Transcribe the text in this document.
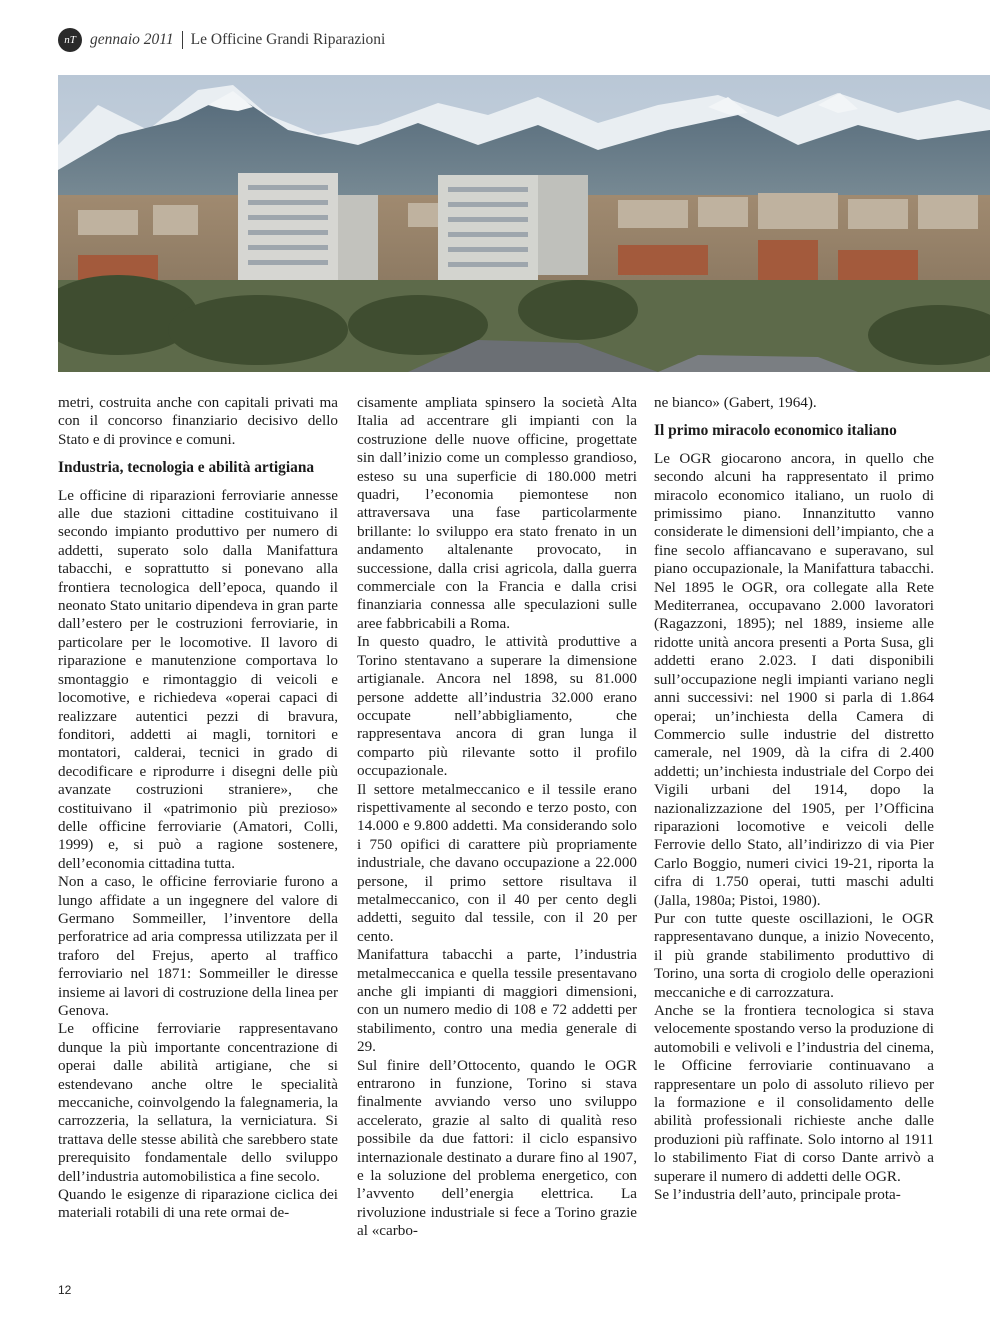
nT gennaio 2011 Le Officine Grandi Riparazioni

metri, costruita anche con capitali privati ma con il concorso finanziario decisivo dello Stato e di province e comuni.

Industria, tecnologia e abilità artigiana

Le officine di riparazioni ferroviarie annesse alle due stazioni cittadine costituivano il secondo impianto produttivo per numero di addetti, superato solo dalla Manifattura tabacchi, e soprattutto si ponevano alla frontiera tecnologica dell’epoca, quando il neonato Stato unitario dipendeva in gran parte dall’estero per le costruzioni ferroviarie, in particolare per le locomotive. Il lavoro di riparazione e manutenzione comportava lo smontaggio e rimontaggio di veicoli e locomotive, e richiedeva «operai capaci di realizzare autentici pezzi di bravura, fonditori, addetti ai magli, tornitori e montatori, calderai, tecnici in grado di decodificare e riprodurre i disegni delle più avanzate costruzioni straniere», che costituivano il «patrimonio più prezioso» delle officine ferroviarie (Amatori, Colli, 1999) e, si può a ragione sostenere, dell’economia cittadina tutta.

Non a caso, le officine ferroviarie furono a lungo affidate a un ingegnere del valore di Germano Sommeiller, l’inventore della perforatrice ad aria compressa utilizzata per il traforo del Frejus, aperto al traffico ferroviario nel 1871: Sommeiller le diresse insieme ai lavori di costruzione della linea per Genova.

Le officine ferroviarie rappresentavano dunque la più importante concentrazione di operai dalle abilità artigiane, che si estendevano anche oltre le specialità meccaniche, coinvolgendo la falegnameria, la carrozzeria, la sellatura, la verniciatura. Si trattava delle stesse abilità che sarebbero state prerequisito fondamentale dello sviluppo dell’industria automobilistica a fine secolo.

Quando le esigenze di riparazione ciclica dei materiali rotabili di una rete ormai de-

cisamente ampliata spinsero la società Alta Italia ad accentrare gli impianti con la costruzione delle nuove officine, progettate sin dall’inizio come un complesso grandioso, esteso su una superficie di 180.000 metri quadri, l’economia piemontese non attraversava una fase particolarmente brillante: lo sviluppo era stato frenato in un andamento altalenante provocato, in successione, dalla crisi agricola, dalla guerra commerciale con la Francia e dalla crisi finanziaria connessa alle speculazioni sulle aree fabbricabili a Roma.

In questo quadro, le attività produttive a Torino stentavano a superare la dimensione artigianale. Ancora nel 1898, su 81.000 persone addette all’industria 32.000 erano occupate nell’abbigliamento, che rappresentava ancora di gran lunga il comparto più rilevante sotto il profilo occupazionale.

Il settore metalmeccanico e il tessile erano rispettivamente al secondo e terzo posto, con 14.000 e 9.800 addetti. Ma considerando solo i 750 opifici di carattere più propriamente industriale, che davano occupazione a 22.000 persone, il primo settore risultava il metalmeccanico, con il 40 per cento degli addetti, seguito dal tessile, con il 20 per cento.

Manifattura tabacchi a parte, l’industria metalmeccanica e quella tessile presentavano anche gli impianti di maggiori dimensioni, con un numero medio di 108 e 72 addetti per stabilimento, contro una media generale di 29.

Sul finire dell’Ottocento, quando le OGR entrarono in funzione, Torino si stava finalmente avviando verso uno sviluppo accelerato, grazie al salto di qualità reso possibile da due fattori: il ciclo espansivo internazionale destinato a durare fino al 1907, e la soluzione del problema energetico, con l’avvento dell’energia elettrica. La rivoluzione industriale si fece a Torino grazie al «carbo-

ne bianco» (Gabert, 1964).

Il primo miracolo economico italiano

Le OGR giocarono ancora, in quello che secondo alcuni ha rappresentato il primo miracolo economico italiano, un ruolo di primissimo piano. Innanzitutto vanno considerate le dimensioni dell’impianto, che a fine secolo affiancavano e superavano, sul piano occupazionale, la Manifattura tabacchi. Nel 1895 le OGR, ora collegate alla Rete Mediterranea, occupavano 2.000 lavoratori (Ragazzoni, 1895); nel 1889, insieme alle ridotte unità ancora presenti a Porta Susa, gli addetti erano 2.023. I dati disponibili sull’occupazione negli impianti variano negli anni successivi: nel 1900 si parla di 1.864 operai; un’inchiesta della Camera di Commercio sulle industrie del distretto camerale, nel 1909, dà la cifra di 2.400 addetti; un’inchiesta industriale del Corpo dei Vigili urbani del 1914, dopo la nazionalizzazione del 1905, per l’Officina riparazioni locomotive e veicoli delle Ferrovie dello Stato, all’indirizzo di via Pier Carlo Boggio, numeri civici 19-21, riporta la cifra di 1.750 operai, tutti maschi adulti (Jalla, 1980a; Pistoi, 1980).

Pur con tutte queste oscillazioni, le OGR rappresentavano dunque, a inizio Novecento, il più grande stabilimento produttivo di Torino, una sorta di crogiolo delle operazioni meccaniche e di carrozzatura.

Anche se la frontiera tecnologica si stava velocemente spostando verso la produzione di automobili e velivoli e l’industria del cinema, le Officine ferroviarie continuavano a rappresentare un polo di assoluto rilievo per la formazione e il consolidamento delle abilità professionali richieste anche dalle produzioni più raffinate. Solo intorno al 1911 lo stabilimento Fiat di corso Dante arrivò a superare il numero di addetti delle OGR.

Se l’industria dell’auto, principale prota-

12
